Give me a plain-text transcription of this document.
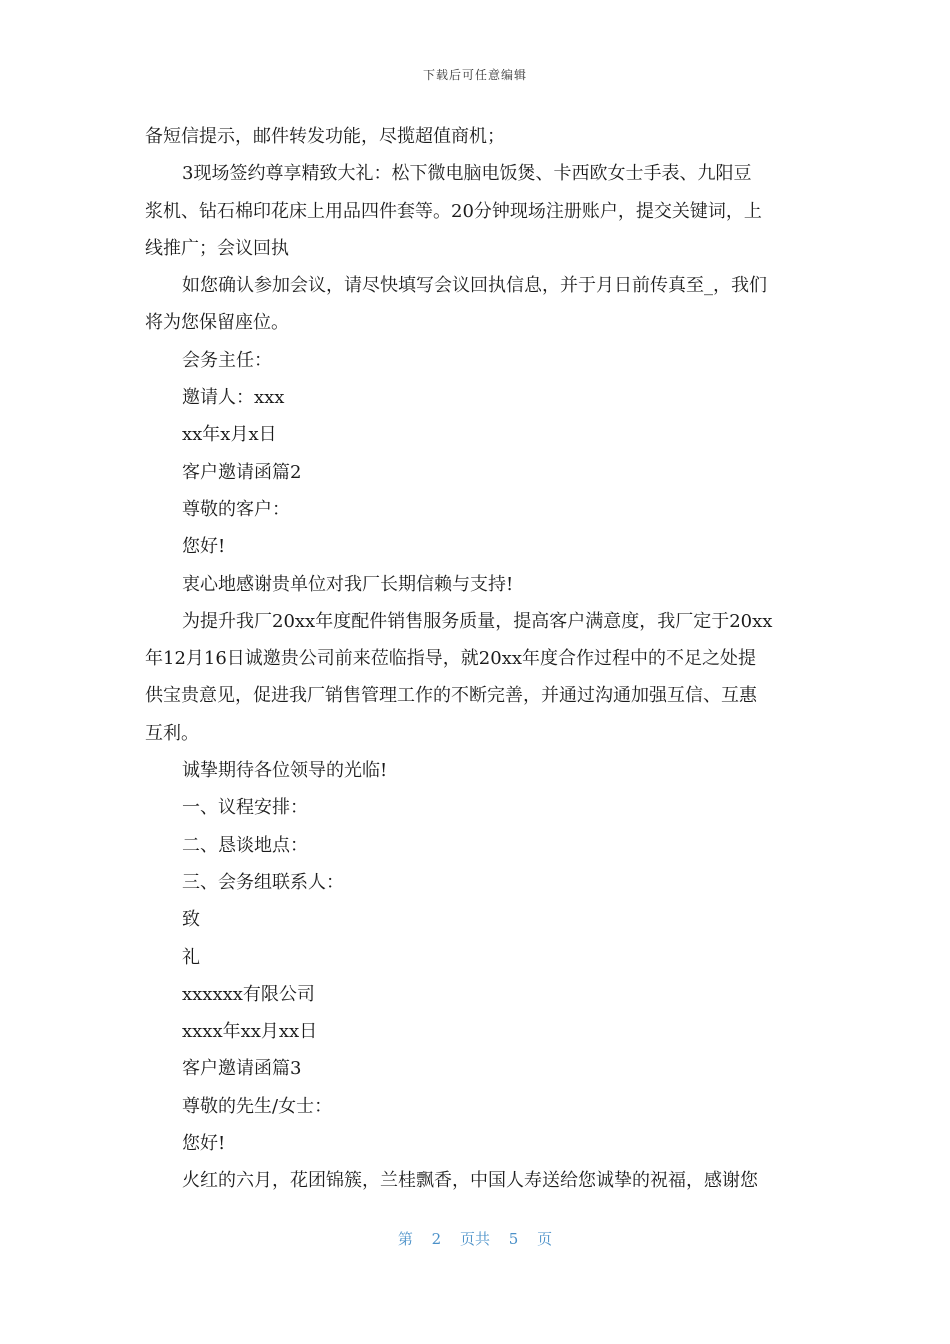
下载后可任意编辑
备短信提示，邮件转发功能，尽揽超值商机；
3现场签约尊享精致大礼：松下微电脑电饭煲、卡西欧女士手表、九阳豆
浆机、钻石棉印花床上用品四件套等。20分钟现场注册账户，提交关键词，上
线推广；会议回执
如您确认参加会议，请尽快填写会议回执信息，并于月日前传真至_，我们
将为您保留座位。
会务主任：
邀请人：xxx
xx年x月x日
客户邀请函篇2
尊敬的客户：
您好!
衷心地感谢贵单位对我厂长期信赖与支持!
为提升我厂20xx年度配件销售服务质量，提高客户满意度，我厂定于20xx
年12月16日诚邀贵公司前来莅临指导，就20xx年度合作过程中的不足之处提
供宝贵意见，促进我厂销售管理工作的不断完善，并通过沟通加强互信、互惠
互利。
诚挚期待各位领导的光临!
一、议程安排：
二、恳谈地点：
三、会务组联系人：
致
礼
xxxxxx有限公司
xxxx年xx月xx日
客户邀请函篇3
尊敬的先生/女士：
您好!
火红的六月，花团锦簇，兰桂飘香，中国人寿送给您诚挚的祝福，感谢您
第 2 页共 5 页
